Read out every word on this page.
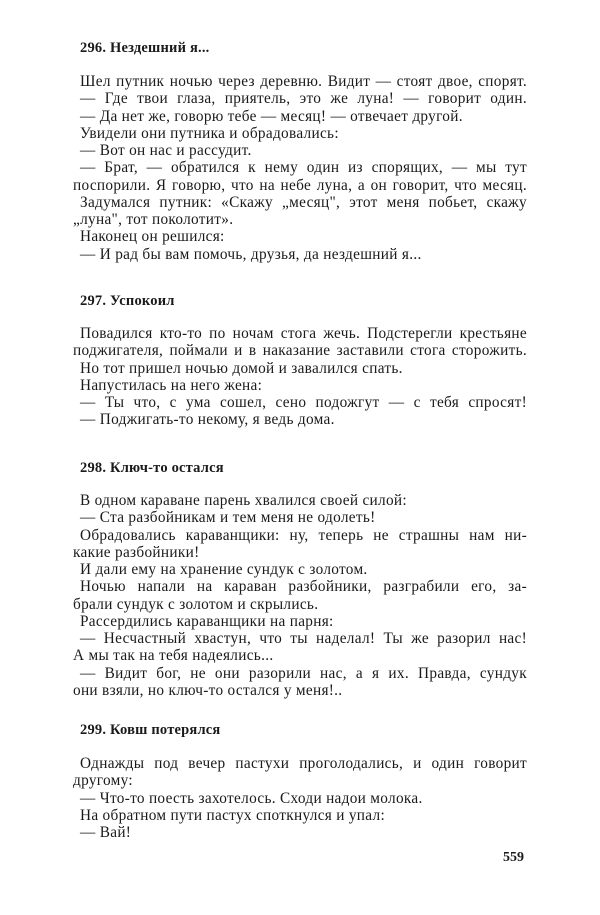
296. Нездешний я...
Шел путник ночью через деревню. Видит — стоят двое, спорят.
— Где твои глаза, приятель, это же луна! — говорит один.
— Да нет же, говорю тебе — месяц! — отвечает другой.
Увидели они путника и обрадовались:
— Вот он нас и рассудит.
— Брат, — обратился к нему один из спорящих, — мы тут
поспорили. Я говорю, что на небе луна, а он говорит, что месяц.
Задумался путник: «Скажу „месяц", этот меня побьет, скажу
„луна", тот поколотит».
Наконец он решился:
— И рад бы вам помочь, друзья, да нездешний я...
297. Успокоил
Повадился кто-то по ночам стога жечь. Подстерегли крестьяне
поджигателя, поймали и в наказание заставили стога сторожить.
Но тот пришел ночью домой и завалился спать.
Напустилась на него жена:
— Ты что, с ума сошел, сено подожгут — с тебя спросят!
— Поджигать-то некому, я ведь дома.
298. Ключ-то остался
В одном караване парень хвалился своей силой:
— Ста разбойникам и тем меня не одолеть!
Обрадовались караванщики: ну, теперь не страшны нам ни-
какие разбойники!
И дали ему на хранение сундук с золотом.
Ночью напали на караван разбойники, разграбили его, за-
брали сундук с золотом и скрылись.
Рассердились караванщики на парня:
— Несчастный хвастун, что ты наделал! Ты же разорил нас!
А мы так на тебя надеялись...
— Видит бог, не они разорили нас, а я их. Правда, сундук
они взяли, но ключ-то остался у меня!..
299. Ковш потерялся
Однажды под вечер пастухи проголодались, и один говорит
другому:
— Что-то поесть захотелось. Сходи надои молока.
На обратном пути пастух споткнулся и упал:
— Вай!
559
